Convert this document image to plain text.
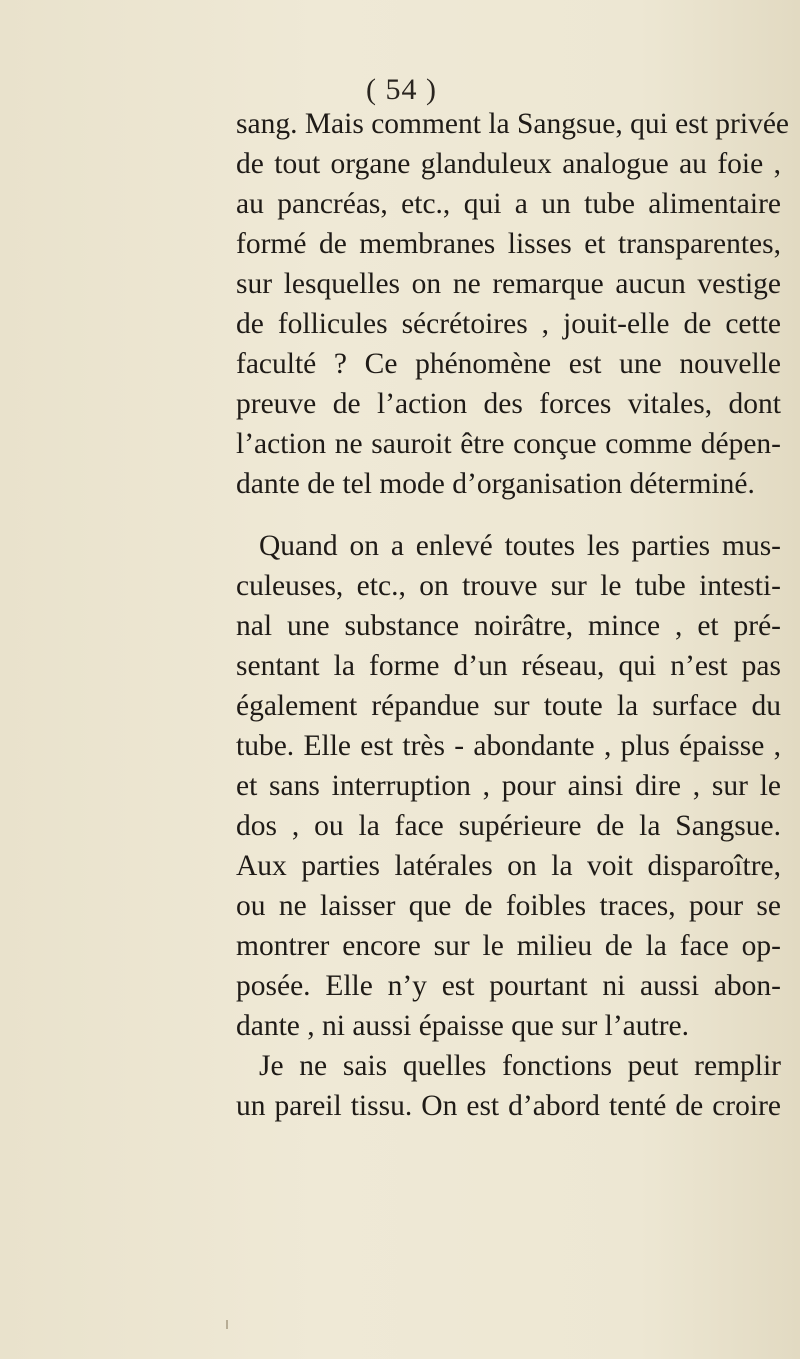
( 54 )
sang. Mais comment la Sangsue, qui est privée
de tout organe glanduleux analogue au foie ,
au pancréas, etc., qui a un tube alimentaire
formé de membranes lisses et transparentes,
sur lesquelles on ne remarque aucun vestige
de follicules sécrétoires , jouit-elle de cette
faculté ? Ce phénomène est une nouvelle
preuve de l’action des forces vitales, dont
l’action ne sauroit être conçue comme dépen-
dante de tel mode d’organisation déterminé.
Quand on a enlevé toutes les parties mus-
culeuses, etc., on trouve sur le tube intesti-
nal une substance noirâtre, mince , et pré-
sentant la forme d’un réseau, qui n’est pas
également répandue sur toute la surface du
tube. Elle est très - abondante , plus épaisse ,
et sans interruption , pour ainsi dire , sur le
dos , ou la face supérieure de la Sangsue.
Aux parties latérales on la voit disparoître,
ou ne laisser que de foibles traces, pour se
montrer encore sur le milieu de la face op-
posée. Elle n’y est pourtant ni aussi abon-
dante , ni aussi épaisse que sur l’autre.
Je ne sais quelles fonctions peut remplir
un pareil tissu. On est d’abord tenté de croire
